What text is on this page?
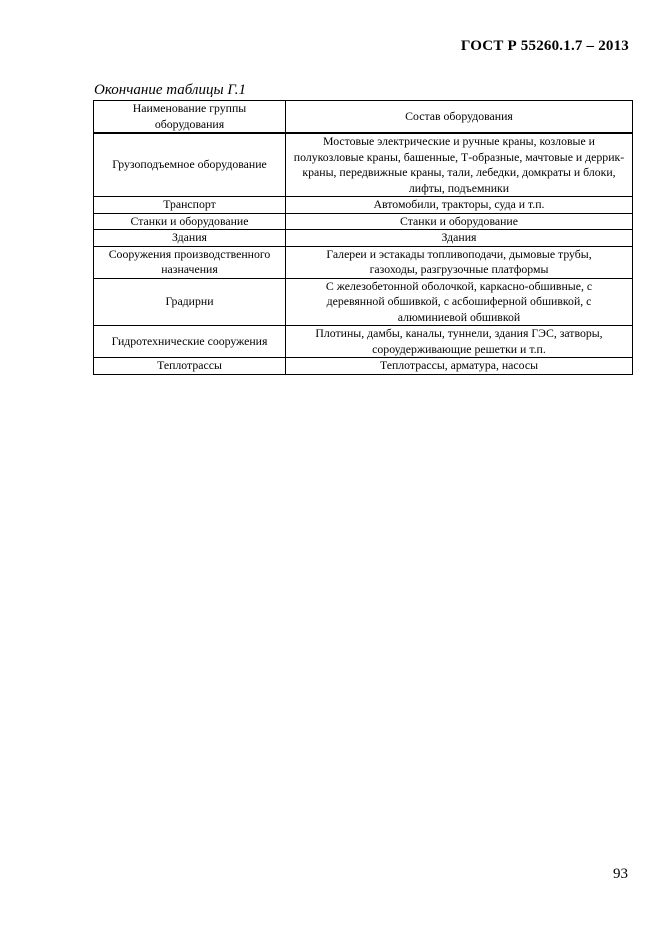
ГОСТ Р 55260.1.7 – 2013
Окончание таблицы Г.1
Наименование группы оборудования	Состав оборудования
Грузоподъемное оборудование	Мостовые электрические и ручные краны, козловые и полукозловые краны, башенные, Т-образные, мачтовые и деррик-краны, передвижные краны, тали, лебедки, домкраты и блоки, лифты, подъемники
Транспорт	Автомобили, тракторы, суда и т.п.
Станки и оборудование	Станки и оборудование
Здания	Здания
Сооружения производственного назначения	Галереи и эстакады топливоподачи, дымовые трубы, газоходы, разгрузочные платформы
Градирни	С железобетонной оболочкой, каркасно-обшивные, с деревянной обшивкой, с асбошиферной обшивкой, с алюминиевой обшивкой
Гидротехнические сооружения	Плотины, дамбы, каналы, туннели, здания ГЭС, затворы, сороудерживающие решетки и т.п.
Теплотрассы	Теплотрассы, арматура, насосы
93
